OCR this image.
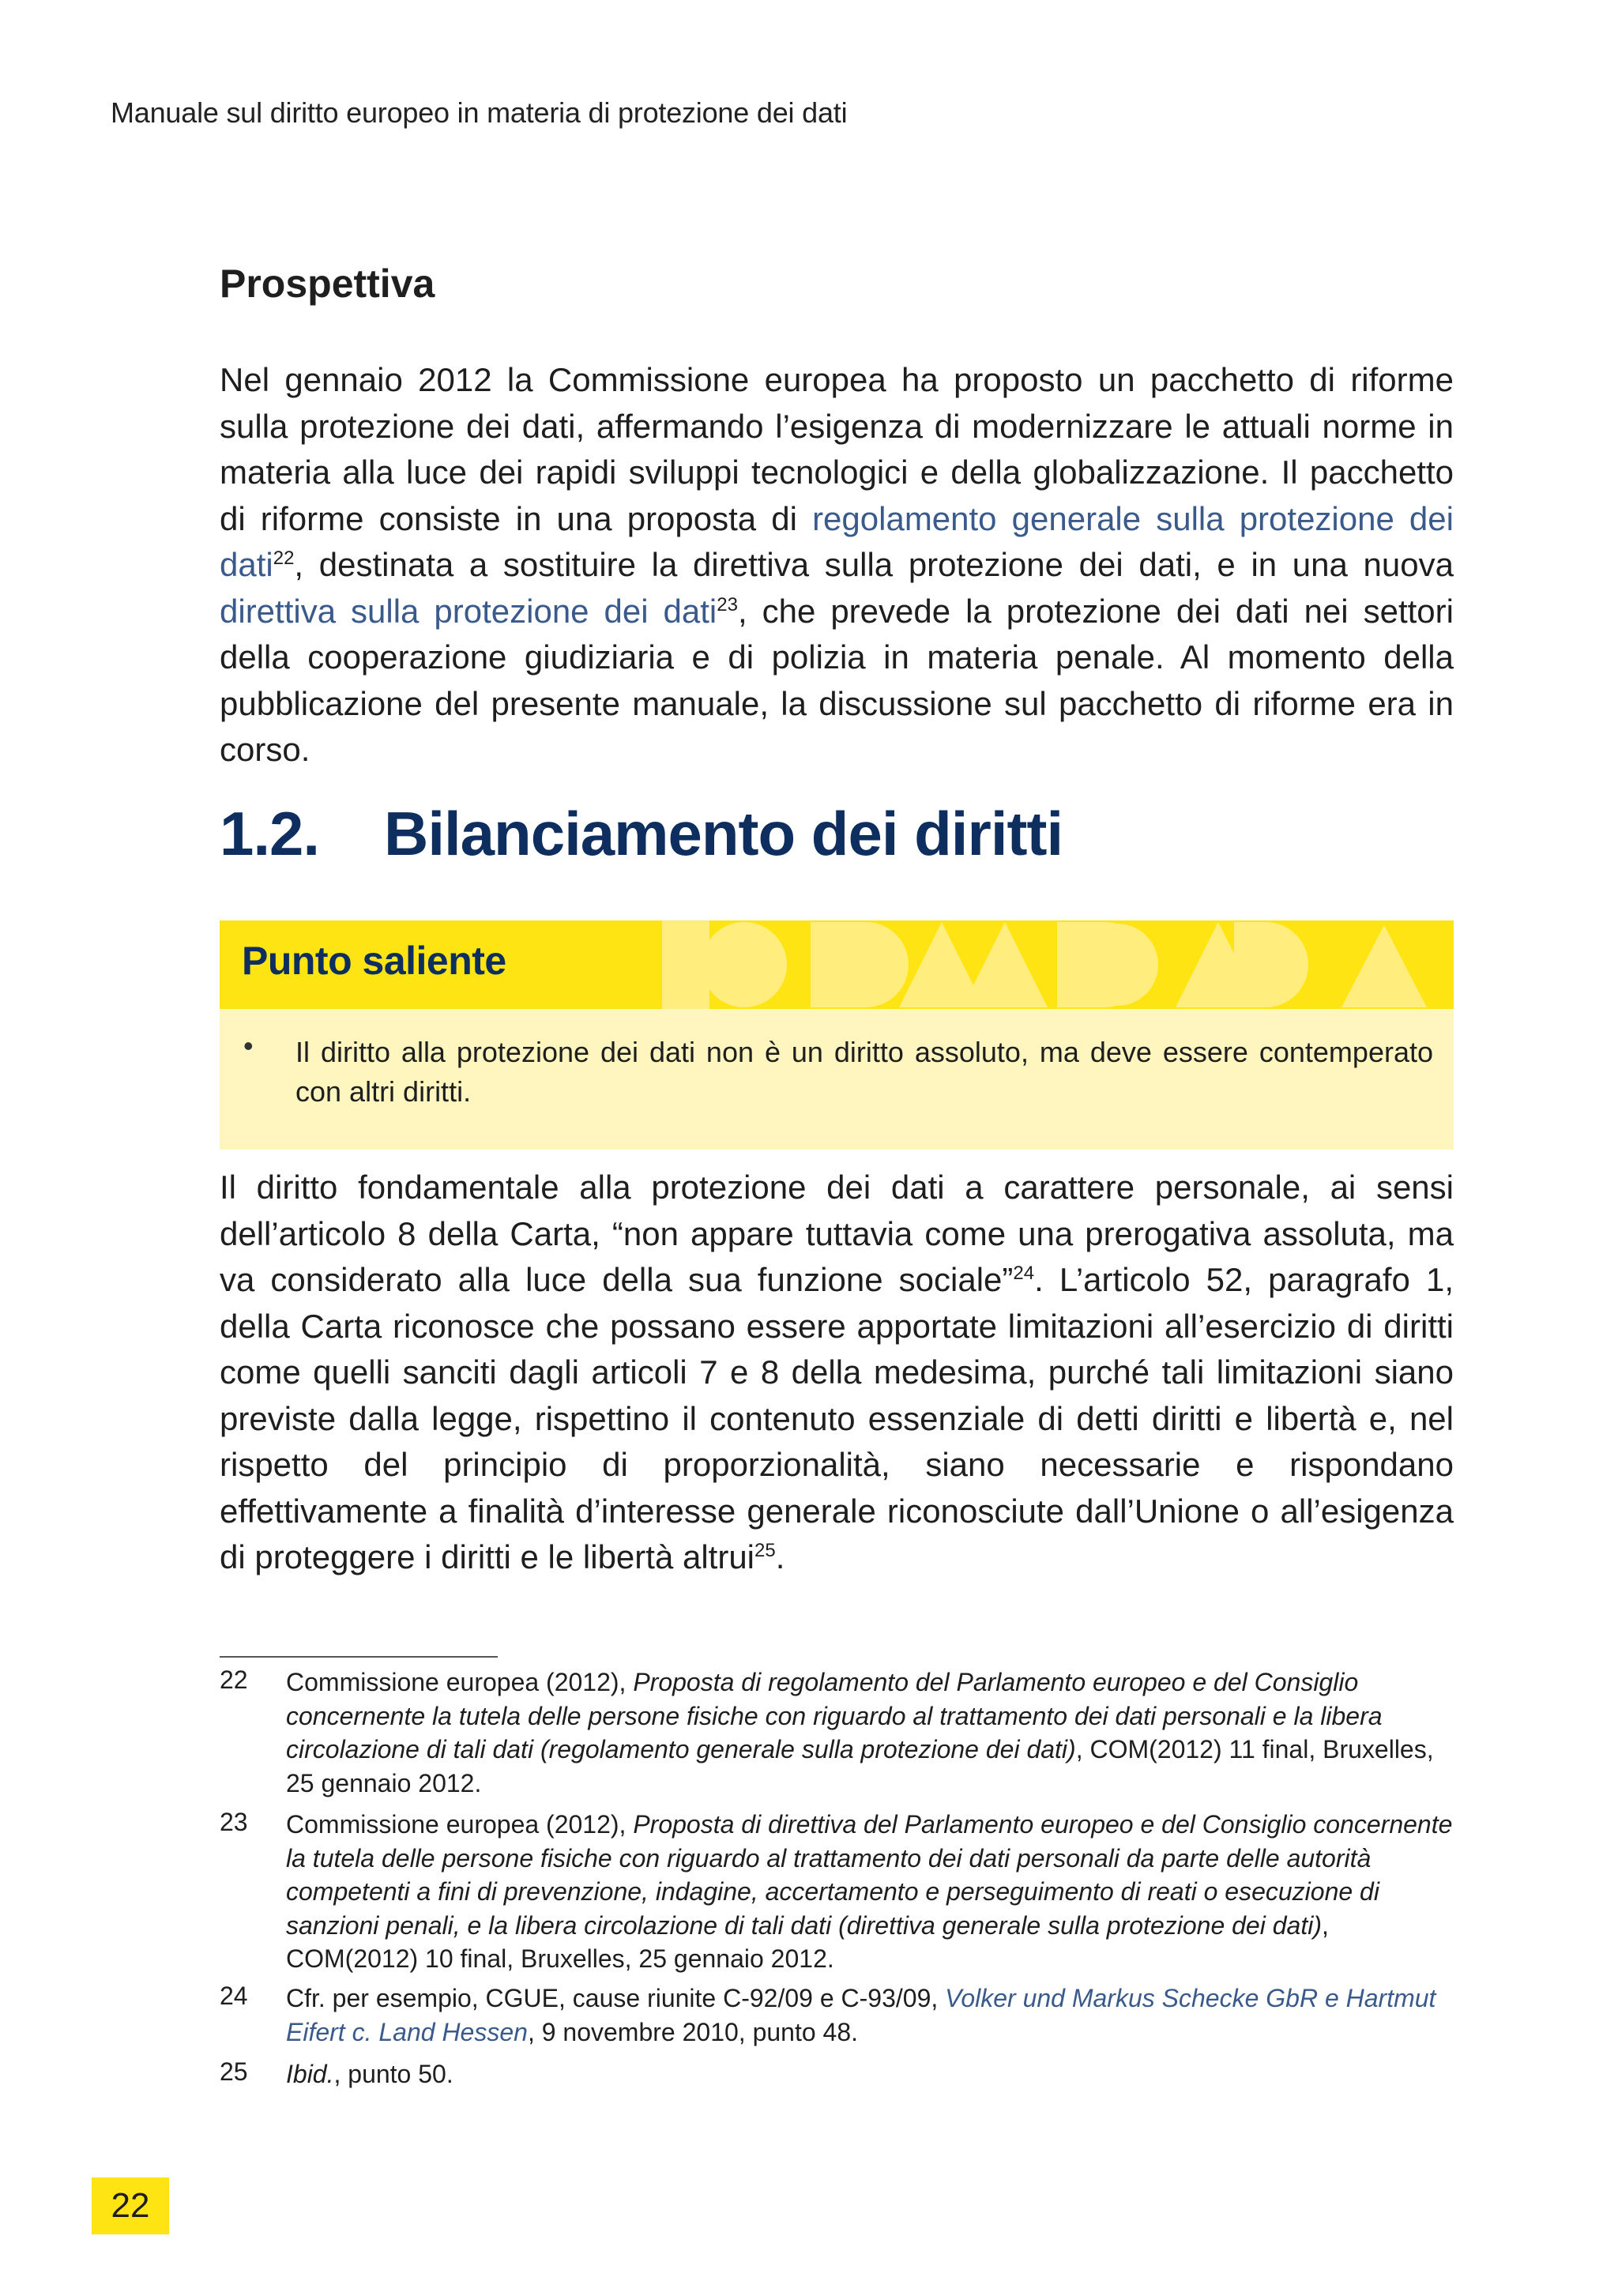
Manuale sul diritto europeo in materia di protezione dei dati
Prospettiva

Nel gennaio 2012 la Commissione europea ha proposto un pacchetto di riforme sulla protezione dei dati, affermando l’esigenza di modernizzare le attuali norme in materia alla luce dei rapidi sviluppi tecnologici e della globalizzazione. Il pacchetto di riforme consiste in una proposta di regolamento generale sulla protezione dei dati$^{22}$, destinata a sostituire la direttiva sulla protezione dei dati, e in una nuova direttiva sulla protezione dei dati$^{23}$, che prevede la protezione dei dati nei settori della cooperazione giudiziaria e di polizia in materia penale. Al momento della pubblicazione del presente manuale, la discussione sul pacchetto di riforme era in corso.

1.2. Bilanciamento dei diritti
Punto saliente
• Il diritto alla protezione dei dati non è un diritto assoluto, ma deve essere contemperato con altri diritti.

Il diritto fondamentale alla protezione dei dati a carattere personale, ai sensi dell’articolo 8 della Carta, “non appare tuttavia come una prerogativa assoluta, ma va considerato alla luce della sua funzione sociale”$^{24}$. L’articolo 52, paragrafo 1, della Carta riconosce che possano essere apportate limitazioni all’esercizio di diritti come quelli sanciti dagli articoli 7 e 8 della medesima, purché tali limitazioni siano previste dalla legge, rispettino il contenuto essenziale di detti diritti e libertà e, nel rispetto del principio di proporzionalità, siano necessarie e rispondano effettivamente a finalità d’interesse generale riconosciute dall’Unione o all’esigenza di proteggere i diritti e le libertà altrui$^{25}$.

22 Commissione europea (2012), Proposta di regolamento del Parlamento europeo e del Consiglio concernente la tutela delle persone fisiche con riguardo al trattamento dei dati personali e la libera circolazione di tali dati (regolamento generale sulla protezione dei dati), COM(2012) 11 final, Bruxelles, 25 gennaio 2012.
23 Commissione europea (2012), Proposta di direttiva del Parlamento europeo e del Consiglio concernente la tutela delle persone fisiche con riguardo al trattamento dei dati personali da parte delle autorità competenti a fini di prevenzione, indagine, accertamento e perseguimento di reati o esecuzione di sanzioni penali, e la libera circolazione di tali dati (direttiva generale sulla protezione dei dati), COM(2012) 10 final, Bruxelles, 25 gennaio 2012.
24 Cfr. per esempio, CGUE, cause riunite C-92/09 e C-93/09, Volker und Markus Schecke GbR e Hartmut Eifert c. Land Hessen, 9 novembre 2010, punto 48.
25 Ibid., punto 50.
22
